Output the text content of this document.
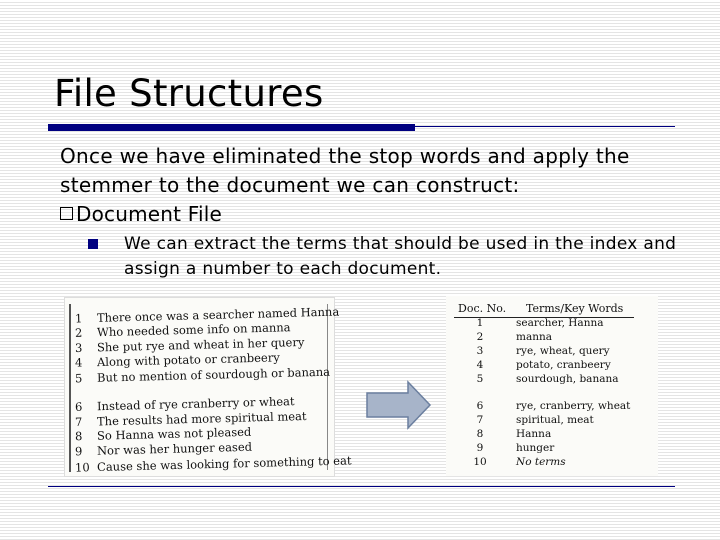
File Structures

Once we have eliminated the stop words and apply the stemmer to the document we can construct:

Document File
We can extract the terms that should be used in the index and assign a number to each document.
1 There once was a searcher named Hanna
2 Who needed some info on manna
3 She put rye and wheat in her query
4 Along with potato or cranbeery
5 But no mention of sourdough or banana
6 Instead of rye cranberry or wheat
7 The results had more spiritual meat
8 So Hanna was not pleased
9 Nor was her hunger eased
10 Cause she was looking for something to eat
Doc. No. Terms/Key Words
1	searcher, Hanna
2	manna
3	rye, wheat, query
4	potato, cranbeery
5	sourdough, banana
6	rye, cranberry, wheat
7	spiritual, meat
8	Hanna
9	hunger
10	No terms
